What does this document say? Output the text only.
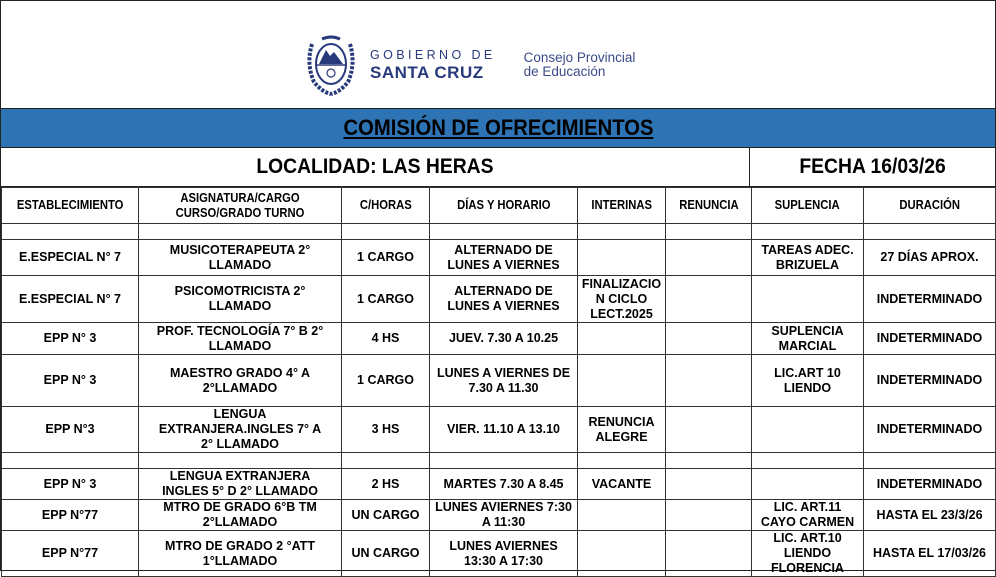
GOBIERNO DE
SANTA CRUZ
Consejo Provincial
de Educación
COMISIÓN DE OFRECIMIENTOS
LOCALIDAD: LAS HERAS	FECHA 16/03/26
ESTABLECIMIENTO	ASIGNATURA/CARGO CURSO/GRADO TURNO	C/HORAS	DÍAS Y HORARIO	INTERINAS	RENUNCIA	SUPLENCIA	DURACIÓN

E.ESPECIAL N° 7	MUSICOTERAPEUTA 2° LLAMADO	1 CARGO	ALTERNADO DE LUNES A VIERNES			TAREAS ADEC. BRIZUELA	27 DÍAS APROX.
E.ESPECIAL N° 7	PSICOMOTRICISTA 2° LLAMADO	1 CARGO	ALTERNADO DE LUNES A VIERNES	FINALIZACIO N CICLO LECT.2025			INDETERMINADO
EPP N° 3	PROF. TECNOLOGÍA 7° B 2° LLAMADO	4 HS	JUEV. 7.30 A 10.25			SUPLENCIA MARCIAL	INDETERMINADO
EPP N° 3	MAESTRO GRADO 4° A 2°LLAMADO	1 CARGO	LUNES A VIERNES DE 7.30 A 11.30			LIC.ART 10 LIENDO	INDETERMINADO
EPP N°3	LENGUA EXTRANJERA.INGLES 7° A 2° LLAMADO	3 HS	VIER. 11.10 A 13.10	RENUNCIA ALEGRE			INDETERMINADO

EPP N° 3	LENGUA EXTRANJERA INGLES 5° D 2° LLAMADO	2 HS	MARTES 7.30 A 8.45	VACANTE			INDETERMINADO
EPP N°77	MTRO DE GRADO 6°B TM 2°LLAMADO	UN CARGO	LUNES AVIERNES 7:30 A 11:30			LIC. ART.11 CAYO CARMEN	HASTA EL 23/3/26
EPP N°77	MTRO DE GRADO 2 °ATT 1°LLAMADO	UN CARGO	LUNES AVIERNES 13:30 A 17:30			LIC. ART.10 LIENDO FLORENCIA	HASTA EL 17/03/26
